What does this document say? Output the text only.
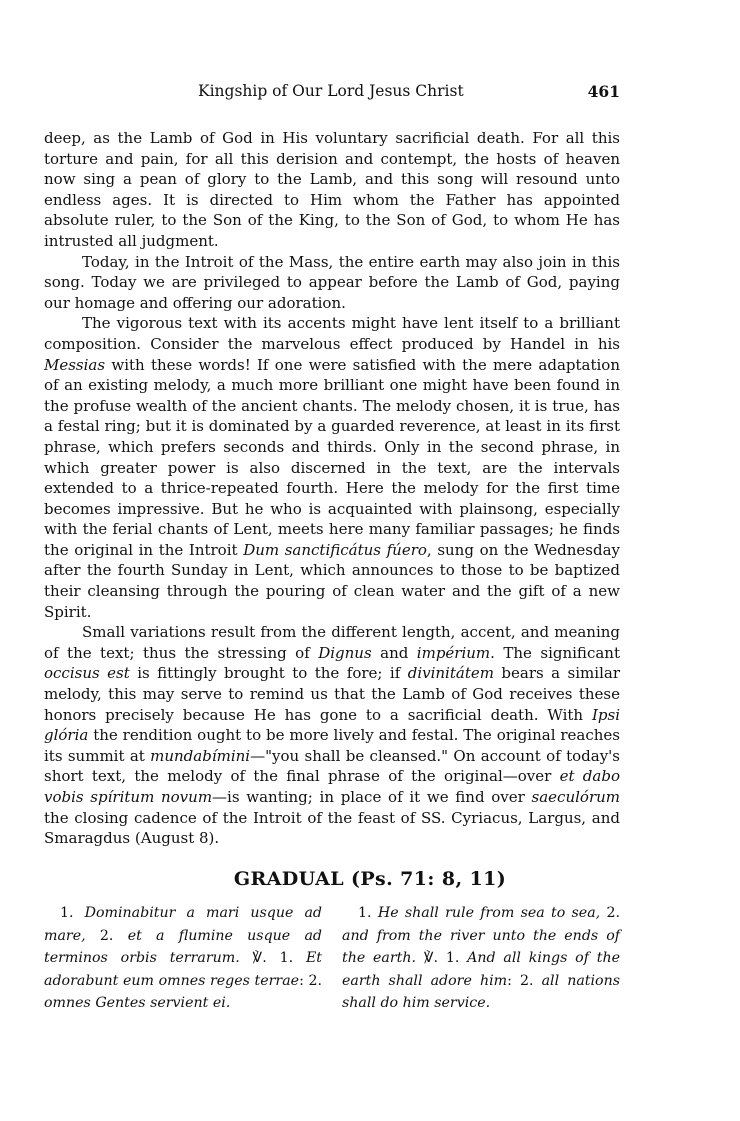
Kingship of Our Lord Jesus Christ	461

deep, as the Lamb of God in His voluntary sacrificial death. For all this torture and pain, for all this derision and contempt, the hosts of heaven now sing a pean of glory to the Lamb, and this song will resound unto endless ages. It is directed to Him whom the Father has appointed absolute ruler, to the Son of the King, to the Son of God, to whom He has intrusted all judgment.

Today, in the Introit of the Mass, the entire earth may also join in this song. Today we are privileged to appear before the Lamb of God, paying our homage and offering our adoration.

The vigorous text with its accents might have lent itself to a brilliant composition. Consider the marvelous effect produced by Handel in his Messias with these words! If one were satisfied with the mere adaptation of an existing melody, a much more brilliant one might have been found in the profuse wealth of the ancient chants. The melody chosen, it is true, has a festal ring; but it is dominated by a guarded reverence, at least in its first phrase, which prefers seconds and thirds. Only in the second phrase, in which greater power is also discerned in the text, are the intervals extended to a thrice-repeated fourth. Here the melody for the first time becomes impressive. But he who is acquainted with plainsong, especially with the ferial chants of Lent, meets here many familiar passages; he finds the original in the Introit Dum sanctificátus fúero, sung on the Wednesday after the fourth Sunday in Lent, which announces to those to be baptized their cleansing through the pouring of clean water and the gift of a new Spirit.

Small variations result from the different length, accent, and meaning of the text; thus the stressing of Dignus and impérium. The significant occisus est is fittingly brought to the fore; if divinitátem bears a similar melody, this may serve to remind us that the Lamb of God receives these honors precisely because He has gone to a sacrificial death. With Ipsi glória the rendition ought to be more lively and festal. The original reaches its summit at mundabímini—"you shall be cleansed." On account of today's short text, the melody of the final phrase of the original—over et dabo vobis spíritum novum—is wanting; in place of it we find over saeculórum the closing cadence of the Introit of the feast of SS. Cyriacus, Largus, and Smaragdus (August 8).

GRADUAL (Ps. 71: 8, 11)

1. Dominabitur a mari usque ad mare, 2. et a flumine usque ad terminos orbis terrarum. ℣. 1. Et adorabunt eum omnes reges terrae: 2. omnes Gentes servient ei.

1. He shall rule from sea to sea, 2. and from the river unto the ends of the earth. ℣. 1. And all kings of the earth shall adore him: 2. all nations shall do him service.
